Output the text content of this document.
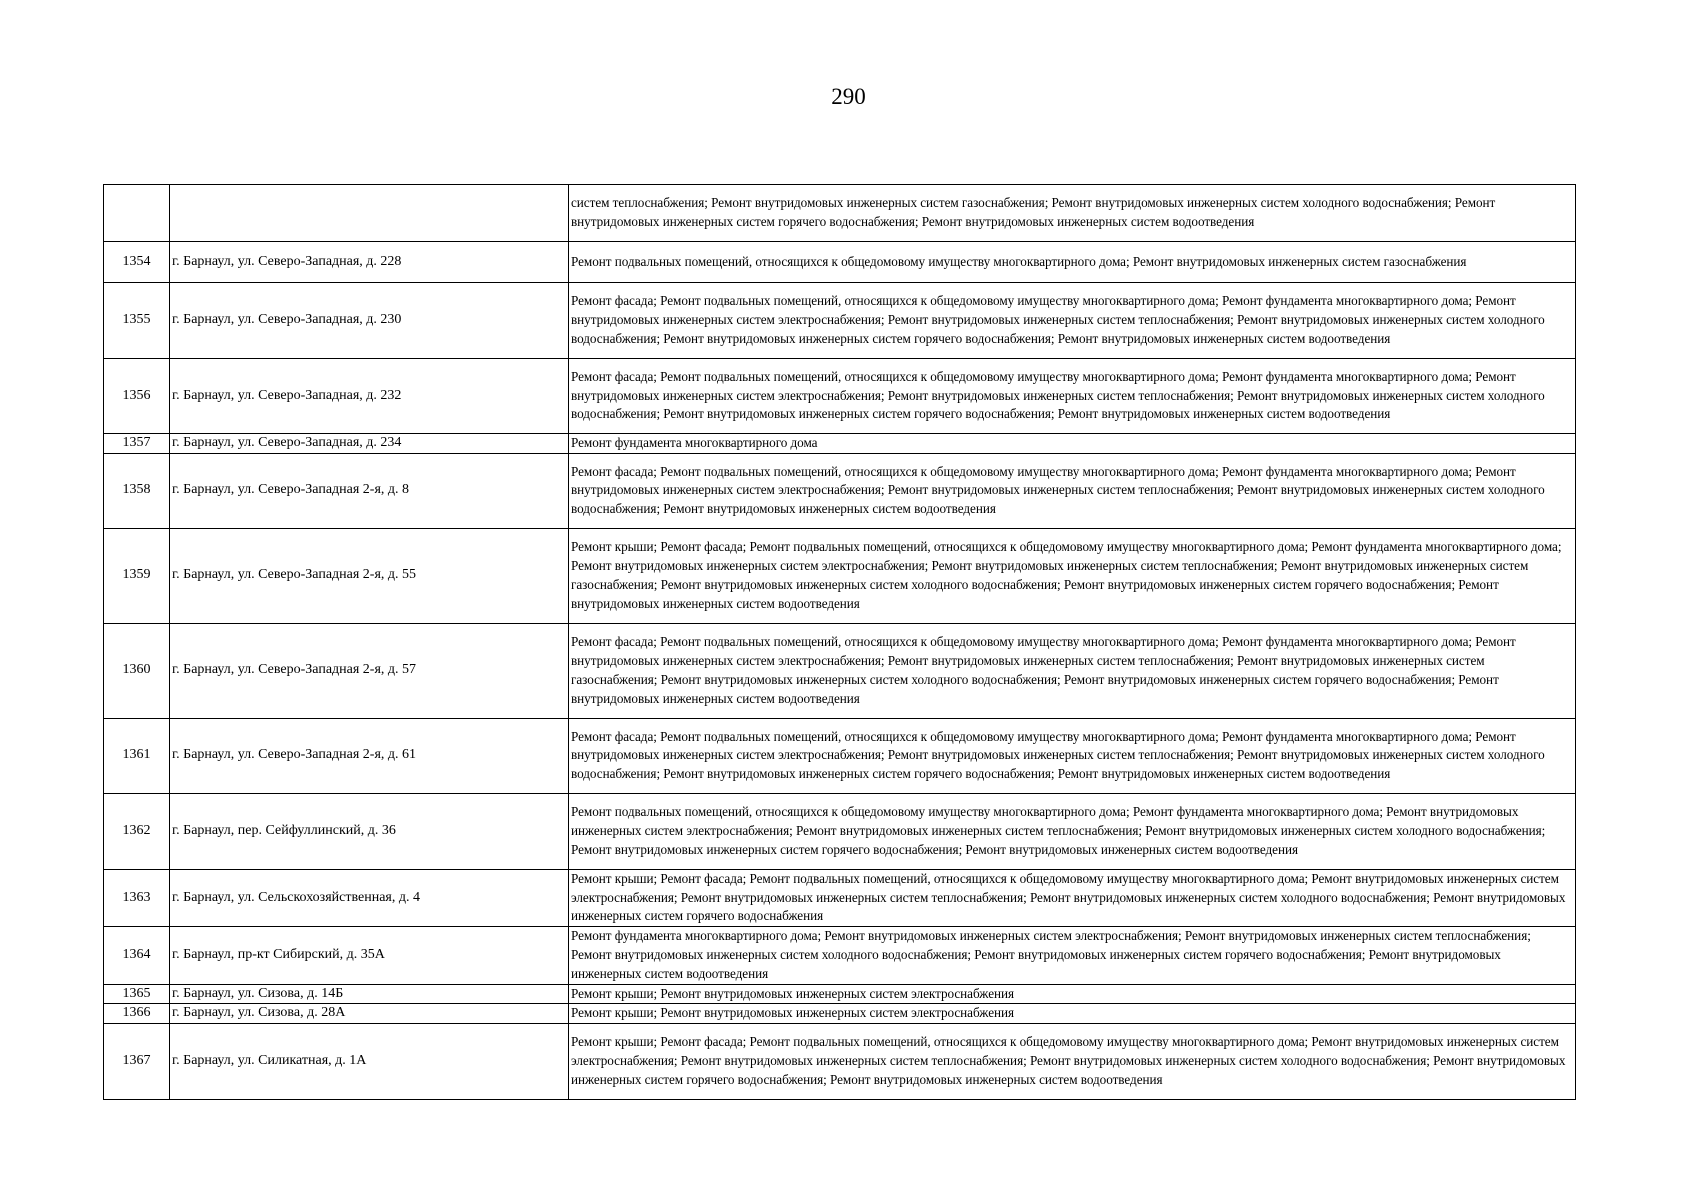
290
		систем теплоснабжения; Ремонт внутридомовых инженерных систем газоснабжения; Ремонт внутридомовых инженерных систем холодного водоснабжения; Ремонт внутридомовых инженерных систем горячего водоснабжения; Ремонт внутридомовых инженерных систем водоотведения
1354	г. Барнаул, ул. Северо-Западная, д. 228	Ремонт подвальных помещений, относящихся к общедомовому имуществу многоквартирного дома; Ремонт внутридомовых инженерных систем газоснабжения
1355	г. Барнаул, ул. Северо-Западная, д. 230	Ремонт фасада; Ремонт подвальных помещений, относящихся к общедомовому имуществу многоквартирного дома; Ремонт фундамента многоквартирного дома; Ремонт внутридомовых инженерных систем электроснабжения; Ремонт внутридомовых инженерных систем теплоснабжения; Ремонт внутридомовых инженерных систем холодного водоснабжения; Ремонт внутридомовых инженерных систем горячего водоснабжения; Ремонт внутридомовых инженерных систем водоотведения
1356	г. Барнаул, ул. Северо-Западная, д. 232	Ремонт фасада; Ремонт подвальных помещений, относящихся к общедомовому имуществу многоквартирного дома; Ремонт фундамента многоквартирного дома; Ремонт внутридомовых инженерных систем электроснабжения; Ремонт внутридомовых инженерных систем теплоснабжения; Ремонт внутридомовых инженерных систем холодного водоснабжения; Ремонт внутридомовых инженерных систем горячего водоснабжения; Ремонт внутридомовых инженерных систем водоотведения
1357	г. Барнаул, ул. Северо-Западная, д. 234	Ремонт фундамента многоквартирного дома
1358	г. Барнаул, ул. Северо-Западная 2-я, д. 8	Ремонт фасада; Ремонт подвальных помещений, относящихся к общедомовому имуществу многоквартирного дома; Ремонт фундамента многоквартирного дома; Ремонт внутридомовых инженерных систем электроснабжения; Ремонт внутридомовых инженерных систем теплоснабжения; Ремонт внутридомовых инженерных систем холодного водоснабжения; Ремонт внутридомовых инженерных систем водоотведения
1359	г. Барнаул, ул. Северо-Западная 2-я, д. 55	Ремонт крыши; Ремонт фасада; Ремонт подвальных помещений, относящихся к общедомовому имуществу многоквартирного дома; Ремонт фундамента многоквартирного дома; Ремонт внутридомовых инженерных систем электроснабжения; Ремонт внутридомовых инженерных систем теплоснабжения; Ремонт внутридомовых инженерных систем газоснабжения; Ремонт внутридомовых инженерных систем холодного водоснабжения; Ремонт внутридомовых инженерных систем горячего водоснабжения; Ремонт внутридомовых инженерных систем водоотведения
1360	г. Барнаул, ул. Северо-Западная 2-я, д. 57	Ремонт фасада; Ремонт подвальных помещений, относящихся к общедомовому имуществу многоквартирного дома; Ремонт фундамента многоквартирного дома; Ремонт внутридомовых инженерных систем электроснабжения; Ремонт внутридомовых инженерных систем теплоснабжения; Ремонт внутридомовых инженерных систем газоснабжения; Ремонт внутридомовых инженерных систем холодного водоснабжения; Ремонт внутридомовых инженерных систем горячего водоснабжения; Ремонт внутридомовых инженерных систем водоотведения
1361	г. Барнаул, ул. Северо-Западная 2-я, д. 61	Ремонт фасада; Ремонт подвальных помещений, относящихся к общедомовому имуществу многоквартирного дома; Ремонт фундамента многоквартирного дома; Ремонт внутридомовых инженерных систем электроснабжения; Ремонт внутридомовых инженерных систем теплоснабжения; Ремонт внутридомовых инженерных систем холодного водоснабжения; Ремонт внутридомовых инженерных систем горячего водоснабжения; Ремонт внутридомовых инженерных систем водоотведения
1362	г. Барнаул, пер. Сейфуллинский, д. 36	Ремонт подвальных помещений, относящихся к общедомовому имуществу многоквартирного дома; Ремонт фундамента многоквартирного дома; Ремонт внутридомовых инженерных систем электроснабжения; Ремонт внутридомовых инженерных систем теплоснабжения; Ремонт внутридомовых инженерных систем холодного водоснабжения; Ремонт внутридомовых инженерных систем горячего водоснабжения; Ремонт внутридомовых инженерных систем водоотведения
1363	г. Барнаул, ул. Сельскохозяйственная, д. 4	Ремонт крыши; Ремонт фасада; Ремонт подвальных помещений, относящихся к общедомовому имуществу многоквартирного дома; Ремонт внутридомовых инженерных систем электроснабжения; Ремонт внутридомовых инженерных систем теплоснабжения; Ремонт внутридомовых инженерных систем холодного водоснабжения; Ремонт внутридомовых инженерных систем горячего водоснабжения
1364	г. Барнаул, пр-кт Сибирский, д. 35А	Ремонт фундамента многоквартирного дома; Ремонт внутридомовых инженерных систем электроснабжения; Ремонт внутридомовых инженерных систем теплоснабжения; Ремонт внутридомовых инженерных систем холодного водоснабжения; Ремонт внутридомовых инженерных систем горячего водоснабжения; Ремонт внутридомовых инженерных систем водоотведения
1365	г. Барнаул, ул. Сизова, д. 14Б	Ремонт крыши; Ремонт внутридомовых инженерных систем электроснабжения
1366	г. Барнаул, ул. Сизова, д. 28А	Ремонт крыши; Ремонт внутридомовых инженерных систем электроснабжения
1367	г. Барнаул, ул. Силикатная, д. 1А	Ремонт крыши; Ремонт фасада; Ремонт подвальных помещений, относящихся к общедомовому имуществу многоквартирного дома; Ремонт внутридомовых инженерных систем электроснабжения; Ремонт внутридомовых инженерных систем теплоснабжения; Ремонт внутридомовых инженерных систем холодного водоснабжения; Ремонт внутридомовых инженерных систем горячего водоснабжения; Ремонт внутридомовых инженерных систем водоотведения
